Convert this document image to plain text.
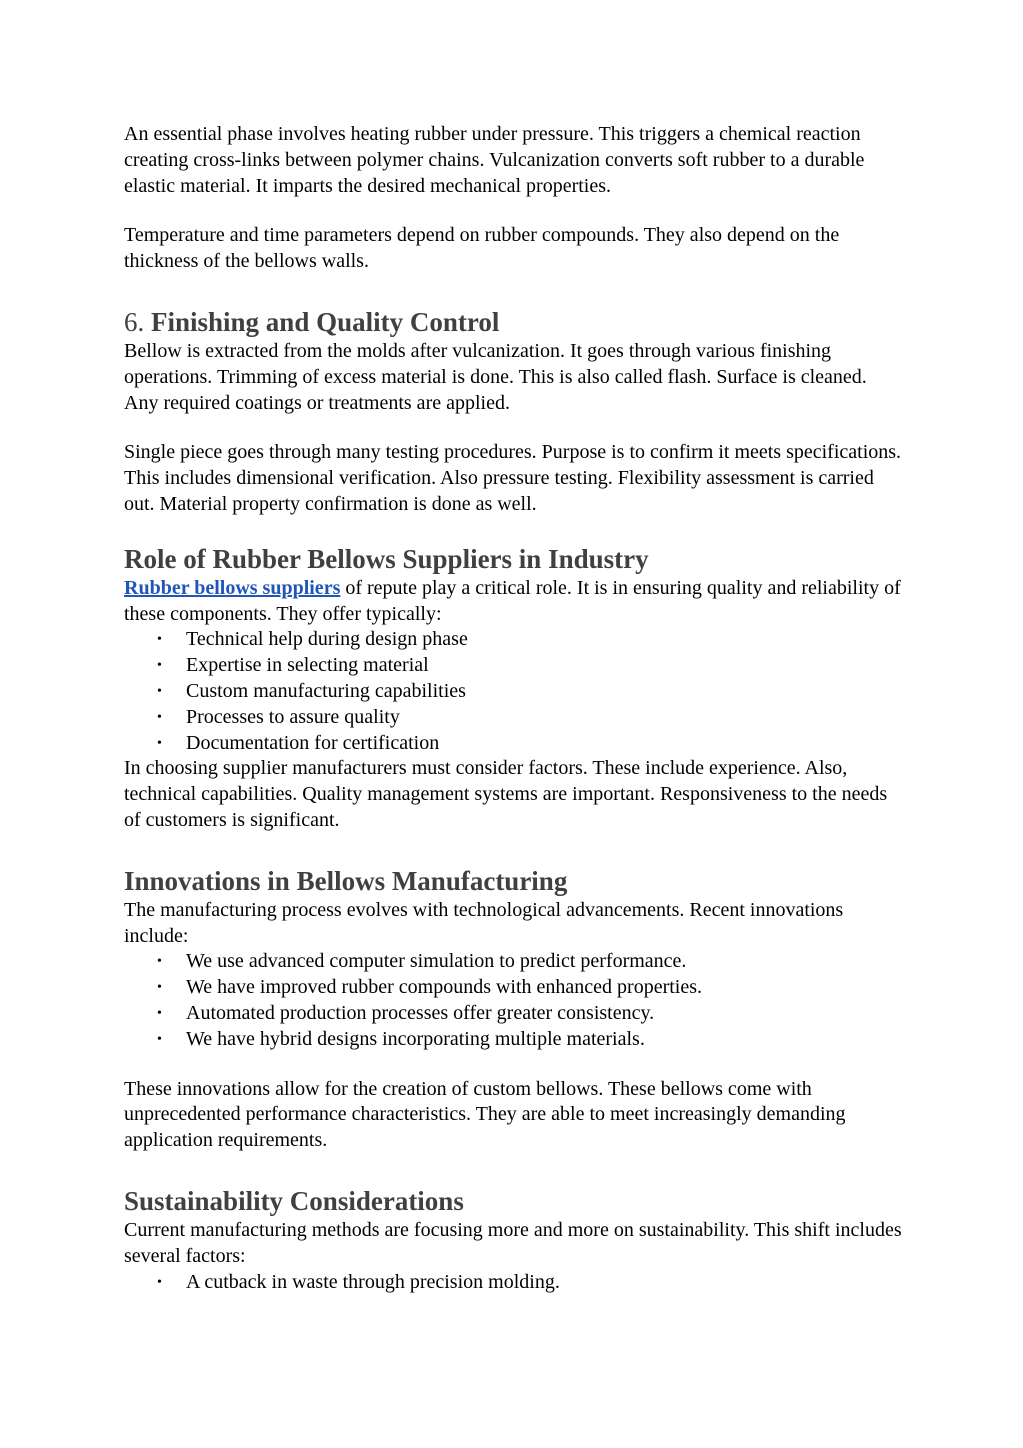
An essential phase involves heating rubber under pressure. This triggers a chemical reaction creating cross-links between polymer chains. Vulcanization converts soft rubber to a durable elastic material. It imparts the desired mechanical properties.

Temperature and time parameters depend on rubber compounds. They also depend on the thickness of the bellows walls.

6. Finishing and Quality Control

Bellow is extracted from the molds after vulcanization. It goes through various finishing operations. Trimming of excess material is done. This is also called flash. Surface is cleaned. Any required coatings or treatments are applied.

Single piece goes through many testing procedures. Purpose is to confirm it meets specifications. This includes dimensional verification. Also pressure testing. Flexibility assessment is carried out. Material property confirmation is done as well.

Role of Rubber Bellows Suppliers in Industry

Rubber bellows suppliers of repute play a critical role. It is in ensuring quality and reliability of these components. They offer typically:

• Technical help during design phase
• Expertise in selecting material
• Custom manufacturing capabilities
• Processes to assure quality
• Documentation for certification

In choosing supplier manufacturers must consider factors. These include experience. Also, technical capabilities. Quality management systems are important. Responsiveness to the needs of customers is significant.

Innovations in Bellows Manufacturing

The manufacturing process evolves with technological advancements. Recent innovations include:

• We use advanced computer simulation to predict performance.
• We have improved rubber compounds with enhanced properties.
• Automated production processes offer greater consistency.
• We have hybrid designs incorporating multiple materials.

These innovations allow for the creation of custom bellows. These bellows come with unprecedented performance characteristics. They are able to meet increasingly demanding application requirements.

Sustainability Considerations

Current manufacturing methods are focusing more and more on sustainability. This shift includes several factors:

• A cutback in waste through precision molding.
